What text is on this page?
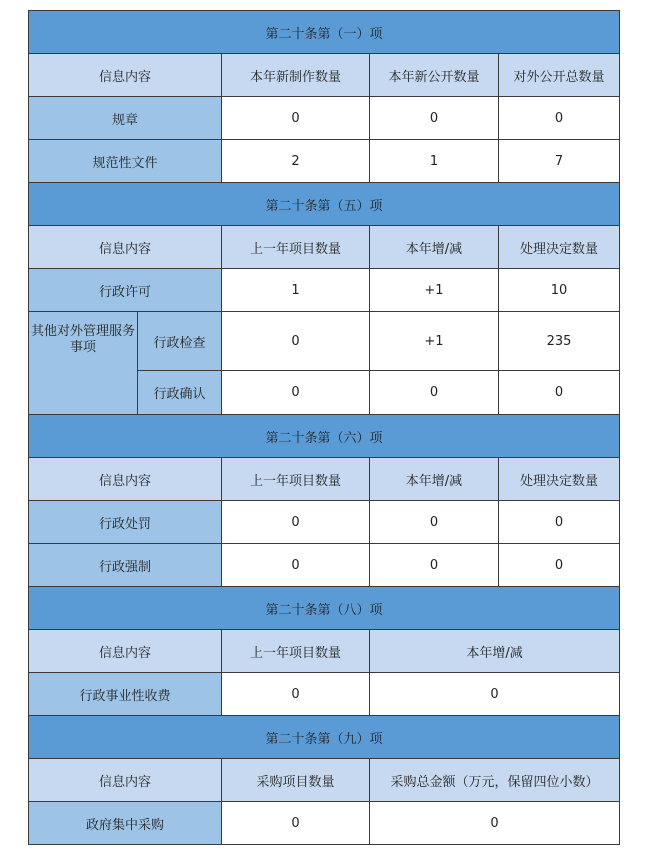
第二十条第（一）项				
信息内容		本年新制作数量	本年新公开数量	对外公开总数量
规章		0	0	0
规范性文件		2	1	7
第二十条第（五）项				
信息内容		上一年项目数量	本年增/减	处理决定数量
行政许可		1	+1	10
其他对外管理服务事项	行政检查	0	+1	235
	行政确认	0	0	0
第二十条第（六）项				
信息内容		上一年项目数量	本年增/减	处理决定数量
行政处罚		0	0	0
行政强制		0	0	0
第二十条第（八）项				
信息内容		上一年项目数量	本年增/减	
行政事业性收费		0	0	
第二十条第（九）项				
信息内容		采购项目数量	采购总金额（万元，保留四位小数）	
政府集中采购		0	0	
